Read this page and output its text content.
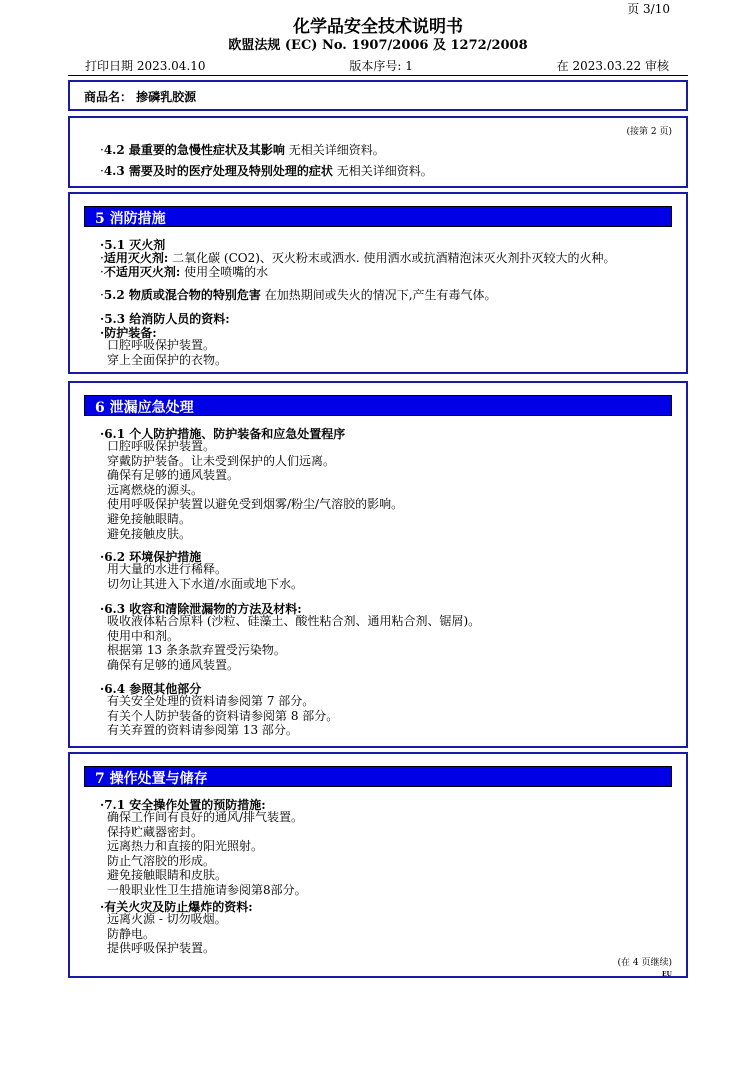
页 3/10
化学品安全技术说明书
欧盟法规 (EC) No. 1907/2006 及 1272/2008
打印日期 2023.04.10	版本序号: 1	在 2023.03.22 审核
商品名： 掺磷乳胶源
(接第 2 页)
·4.2 最重要的急慢性症状及其影响 无相关详细资料。
·4.3 需要及时的医疗处理及特别处理的症状 无相关详细资料。
5 消防措施
·5.1 灭火剂
·适用灭火剂: 二氧化碳 (CO2)、灭火粉末或洒水. 使用洒水或抗酒精泡沫灭火剂扑灭较大的火种。
·不适用灭火剂: 使用全喷嘴的水
·5.2 物质或混合物的特别危害 在加热期间或失火的情况下,产生有毒气体。
·5.3 给消防人员的资料:
·防护装备:
口腔呼吸保护装置。
穿上全面保护的衣物。
6 泄漏应急处理
·6.1 个人防护措施、防护装备和应急处置程序
口腔呼吸保护装置。
穿戴防护装备。让未受到保护的人们远离。
确保有足够的通风装置。
远离燃烧的源头。
使用呼吸保护装置以避免受到烟雾/粉尘/气溶胶的影响。
避免接触眼睛。
避免接触皮肤。
·6.2 环境保护措施
用大量的水进行稀释。
切勿让其进入下水道/水面或地下水。
·6.3 收容和清除泄漏物的方法及材料:
吸收液体粘合原料 (沙粒、硅藻土、酸性粘合剂、通用粘合剂、锯屑)。
使用中和剂。
根据第 13 条条款弃置受污染物。
确保有足够的通风装置。
·6.4 参照其他部分
有关安全处理的资料请参阅第 7 部分。
有关个人防护装备的资料请参阅第 8 部分。
有关弃置的资料请参阅第 13 部分。
7 操作处置与储存
·7.1 安全操作处置的预防措施:
确保工作间有良好的通风/排气装置。
保持贮藏器密封。
远离热力和直接的阳光照射。
防止气溶胶的形成。
避免接触眼睛和皮肤。
一般职业性卫生措施请参阅第8部分。
·有关火灾及防止爆炸的资料:
远离火源 - 切勿吸烟。
防静电。
提供呼吸保护装置。
(在 4 页继续)
EU
